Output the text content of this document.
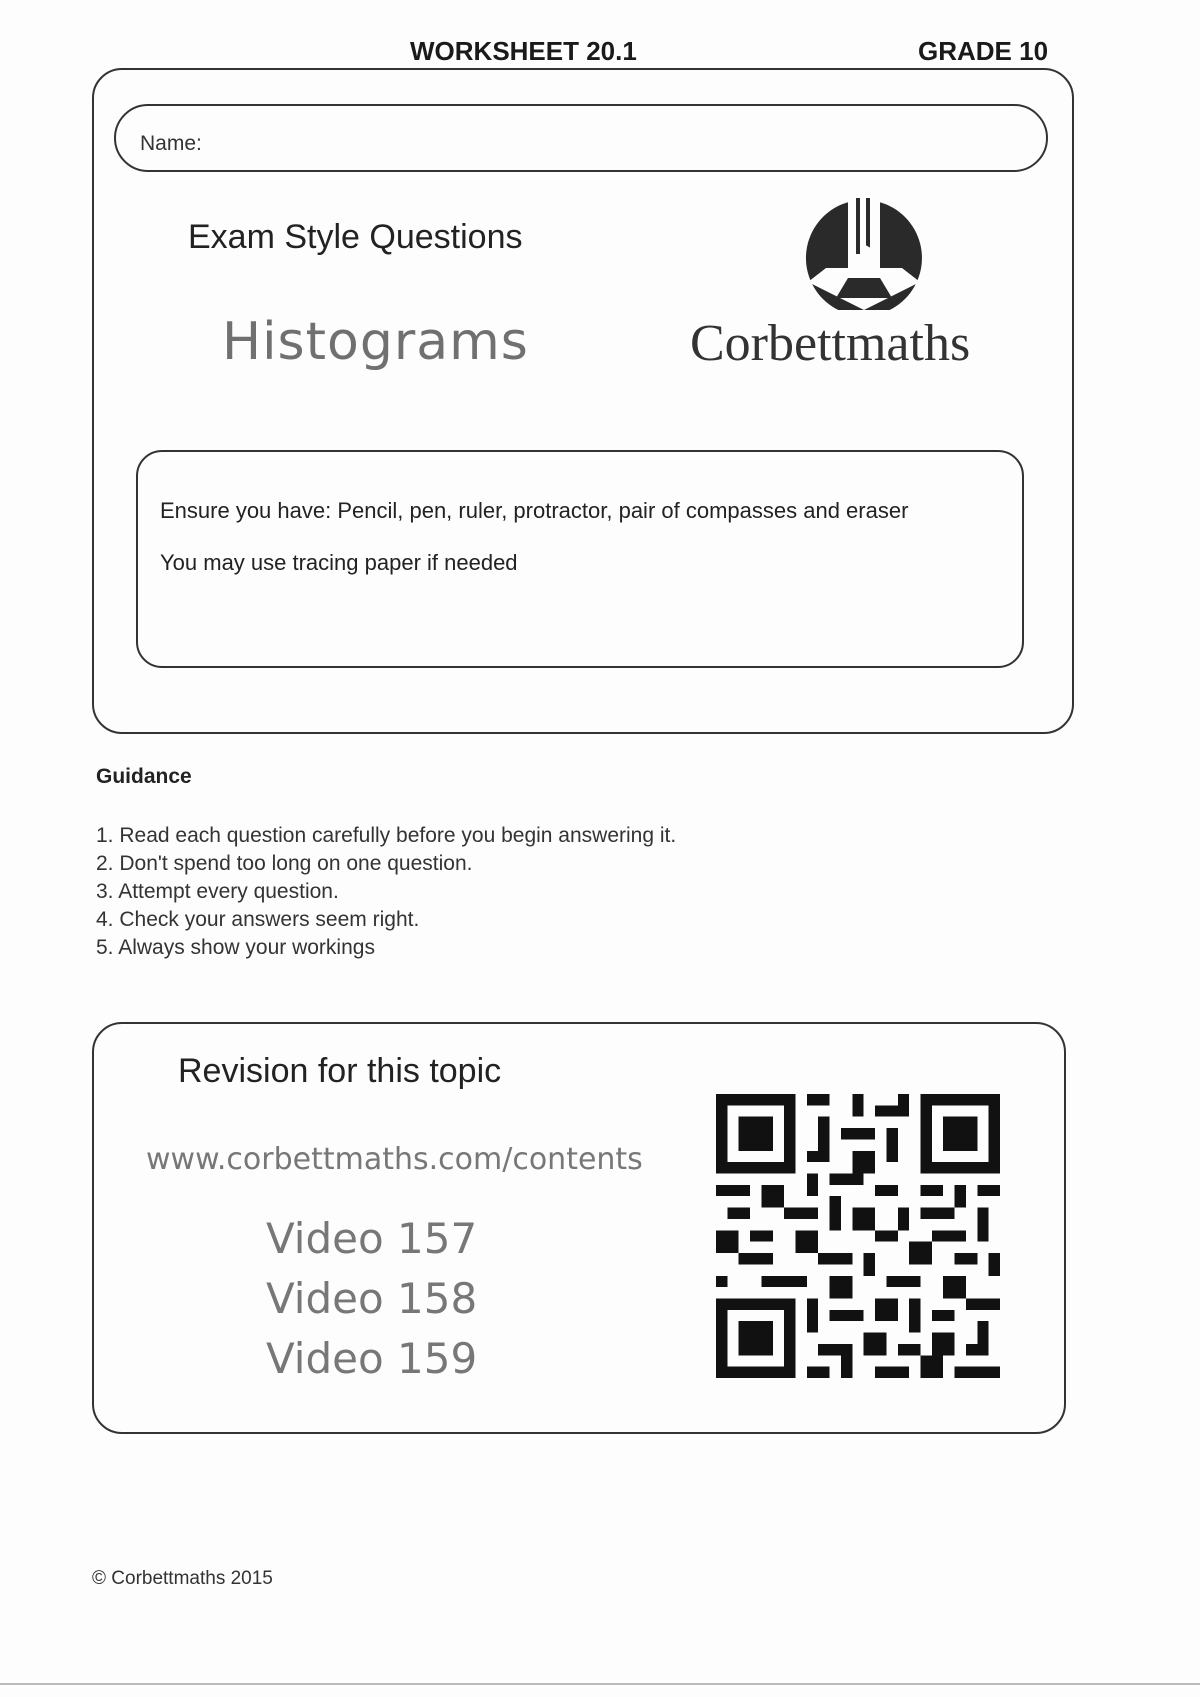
WORKSHEET 20.1	GRADE 10
Name:
Exam Style Questions
Histograms	Corbettmaths
Ensure you have: Pencil, pen, ruler, protractor, pair of compasses and eraser
You may use tracing paper if needed
Guidance
1. Read each question carefully before you begin answering it.
2. Don't spend too long on one question.
3. Attempt every question.
4. Check your answers seem right.
5. Always show your workings
Revision for this topic
www.corbettmaths.com/contents
Video 157
Video 158
Video 159
© Corbettmaths 2015
